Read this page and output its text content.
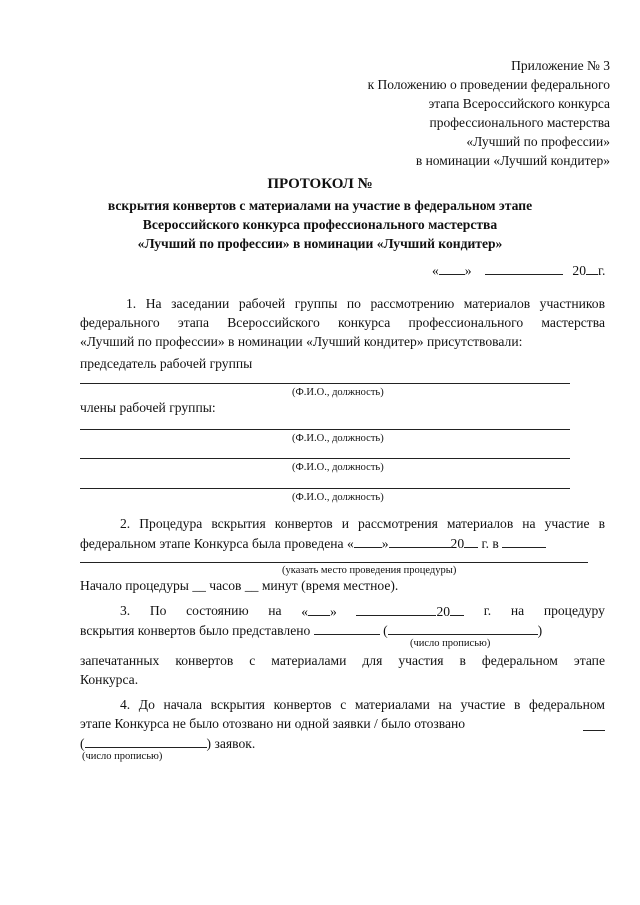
Приложение № 3
к Положению о проведении федерального
этапа Всероссийского конкурса
профессионального мастерства
«Лучший по профессии»
в номинации «Лучший кондитер»
ПРОТОКОЛ №
вскрытия конвертов с материалами на участие в федеральном этапе
Всероссийского конкурса профессионального мастерства
«Лучший по профессии» в номинации «Лучший кондитер»
« »	20 г.
1. На заседании рабочей группы по рассмотрению материалов участников
федерального этапа Всероссийского конкурса профессионального мастерства
«Лучший по профессии» в номинации «Лучший кондитер» присутствовали:
председатель рабочей группы
(Ф.И.О., должность)
члены рабочей группы:
(Ф.И.О., должность)
(Ф.И.О., должность)
(Ф.И.О., должность)
2. Процедура вскрытия конвертов и рассмотрения материалов на участие в
федеральном этапе Конкурса была проведена « »	20 г. в
(указать место проведения процедуры)
Начало процедуры __ часов __ минут (время местное).
3. По состоянию на « »	20	г. на процедуру
вскрытия конвертов было представлено	(	)
(число прописью)
запечатанных конвертов с материалами для участия в федеральном этапе
Конкурса.
4. До начала вскрытия конвертов с материалами на участие в федеральном
этапе Конкурса не было отозвано ни одной заявки / было отозвано
(	) заявок.
(число прописью)
